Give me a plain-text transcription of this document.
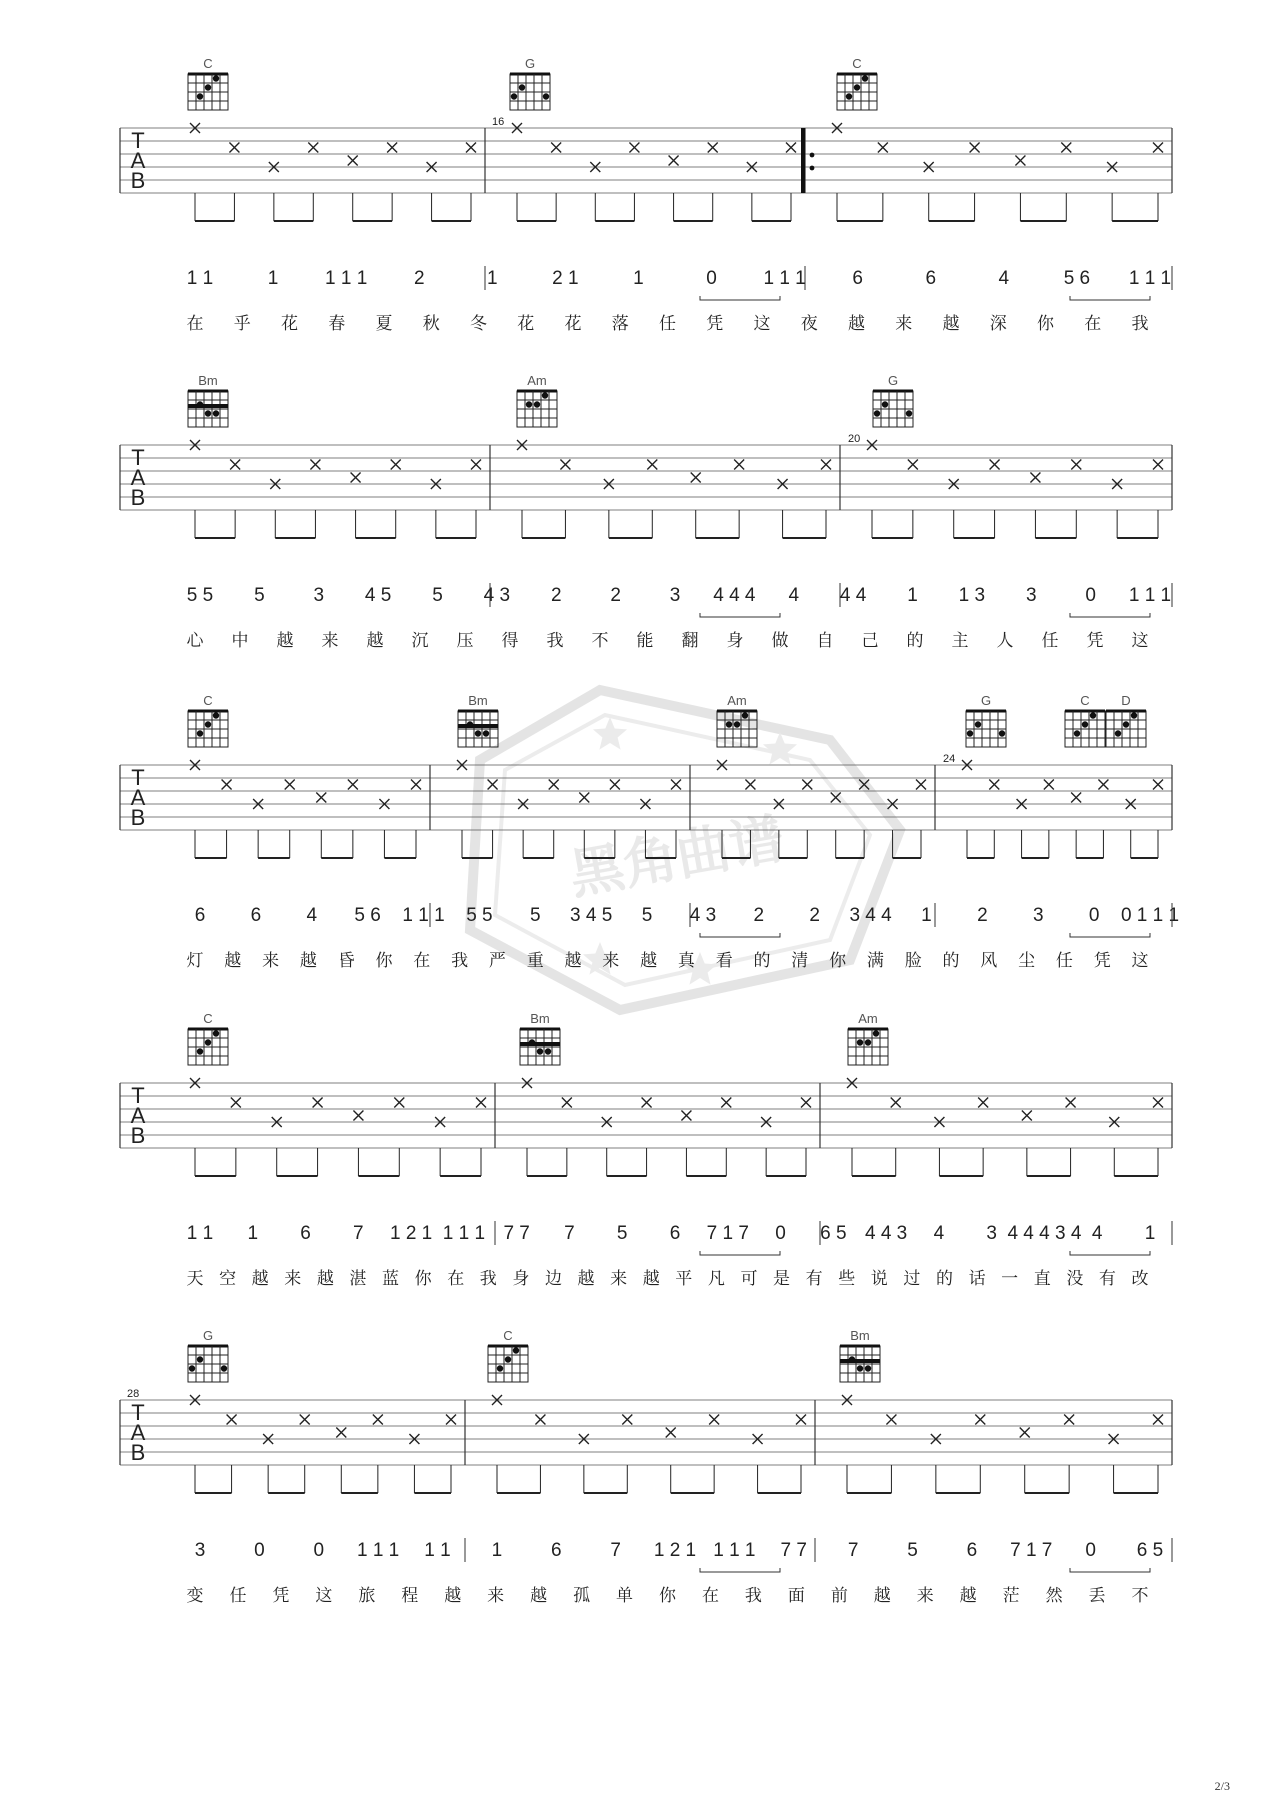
黑角曲谱
C	G	C
T
A
B
16
1 1	1 1 1 1 2	1	2 1	1	0 1 1 1 6	6	4	5 6 1 1 1
在 乎 花 春 夏 秋 冬 花 花 落 任 凭 这 夜 越 来 越 深 你 在 我
Bm	Am	G
T
A
B
20
5 5 5	3 4 5 5 4 3 2	2	3 4 4 4 4 4 4 1 1 3 3	0 1 1 1
心 中 越 来 越 沉 压 得 我 不 能 翻 身 做 自 己 的 主 人 任 凭 这
C	Bm	Am	G	C D
T
A
B
24
6 6 4 5 6 1 1 1 5 5 5 3 4 5 5 4 3 2 2 3 4 4 1 2 3 0 0 1 1 1
灯 越 来 越 昏 你 在 我 严 重 越 来 越 真 看 的 清 你 满 脸 的 风 尘 任 凭 这
C	Bm	Am
T
A
B
1 1 1 6 7 1 2 1 1 1 1 7 7 7 5 6 7 1 7 0 6 5 4 4 3 4 3 4 4 4 3 4 4 1
天 空 越 来 越 湛 蓝 你 在 我 身 边 越 来 越 平 凡 可 是 有 些 说 过 的 话 一 直 没 有 改
G	C	Bm
T
A
B
28
3	0	0 1 1 1 1 1 1	6	7 1 2 1 1 1 1 7 7 7	5	6 7 1 7 0 6 5
变 任 凭 这 旅 程 越 来 越 孤 单 你 在 我 面 前 越 来 越 茫 然 丢 不
2/3
